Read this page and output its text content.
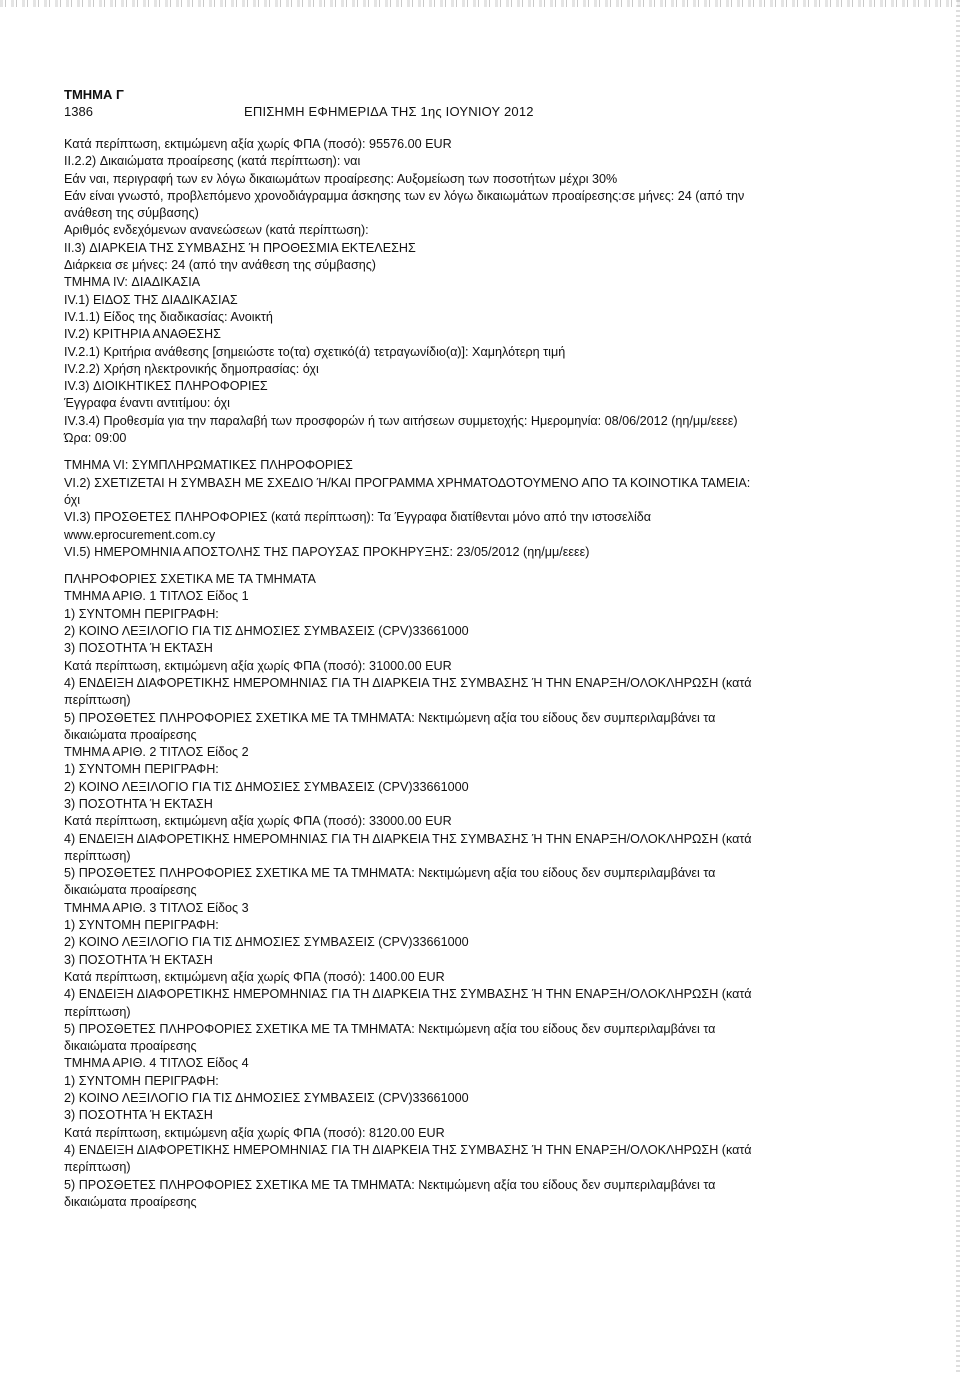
ΤΜΗΜΑ Γ

1386	ΕΠΙΣΗΜΗ ΕΦΗΜΕΡΙΔΑ ΤΗΣ 1ης ΙΟΥΝΙΟΥ 2012

Κατά περίπτωση, εκτιμώμενη αξία χωρίς ΦΠΑ (ποσό): 95576.00 EUR

II.2.2) Δικαιώματα προαίρεσης (κατά περίπτωση): ναι

Εάν ναι, περιγραφή των εν λόγω δικαιωμάτων προαίρεσης: Αυξομείωση των ποσοτήτων μέχρι 30%

Εάν είναι γνωστό, προβλεπόμενο χρονοδιάγραμμα άσκησης των εν λόγω δικαιωμάτων προαίρεσης:σε μήνες: 24 (από την

ανάθεση της σύμβασης)

Αριθμός ενδεχόμενων ανανεώσεων (κατά περίπτωση):

II.3) ΔΙΑΡΚΕΙΑ ΤΗΣ ΣΥΜΒΑΣΗΣ Ή ΠΡΟΘΕΣΜΙΑ ΕΚΤΕΛΕΣΗΣ

Διάρκεια σε μήνες: 24 (από την ανάθεση της σύμβασης)

ΤΜΗΜΑ IV: ΔΙΑΔΙΚΑΣΙΑ

IV.1) ΕΙΔΟΣ ΤΗΣ ΔΙΑΔΙΚΑΣΙΑΣ

IV.1.1) Είδος της διαδικασίας: Ανοικτή

IV.2) ΚΡΙΤΗΡΙΑ ΑΝΑΘΕΣΗΣ

IV.2.1) Κριτήρια ανάθεσης [σημειώστε το(τα) σχετικό(ά) τετραγωνίδιο(α)]: Χαμηλότερη τιμή

IV.2.2) Χρήση ηλεκτρονικής δημοπρασίας: όχι

IV.3) ΔΙΟΙΚΗΤΙΚΕΣ ΠΛΗΡΟΦΟΡΙΕΣ

Έγγραφα έναντι αντιτίμου: όχι

IV.3.4) Προθεσμία για την παραλαβή των προσφορών ή των αιτήσεων συμμετοχής: Ημερομηνία: 08/06/2012 (ηη/μμ/εεεε)

Ώρα: 09:00

ΤΜΗΜΑ VI: ΣΥΜΠΛΗΡΩΜΑΤΙΚΕΣ ΠΛΗΡΟΦΟΡΙΕΣ

VI.2) ΣΧΕΤΙΖΕΤΑΙ Η ΣΥΜΒΑΣΗ ΜΕ ΣΧΕΔΙΟ Ή/ΚΑΙ ΠΡΟΓΡΑΜΜΑ ΧΡΗΜΑΤΟΔΟΤΟΥΜΕΝΟ ΑΠΟ ΤΑ ΚΟΙΝΟΤΙΚΑ ΤΑΜΕΙΑ:

όχι

VI.3) ΠΡΟΣΘΕΤΕΣ ΠΛΗΡΟΦΟΡΙΕΣ (κατά περίπτωση): Τα Έγγραφα διατίθενται μόνο από την ιστοσελίδα

www.eprocurement.com.cy

VI.5) ΗΜΕΡΟΜΗΝΙΑ ΑΠΟΣΤΟΛΗΣ ΤΗΣ ΠΑΡΟΥΣΑΣ ΠΡΟΚΗΡΥΞΗΣ: 23/05/2012 (ηη/μμ/εεεε)

ΠΛΗΡΟΦΟΡΙΕΣ ΣΧΕΤΙΚΑ ΜΕ ΤΑ ΤΜΗΜΑΤΑ

ΤΜΗΜΑ ΑΡΙΘ. 1 ΤΙΤΛΟΣ Είδος 1

1) ΣΥΝΤΟΜΗ ΠΕΡΙΓΡΑΦΗ:

2) ΚΟΙΝΟ ΛΕΞΙΛΟΓΙΟ ΓΙΑ ΤΙΣ ΔΗΜΟΣΙΕΣ ΣΥΜΒΑΣΕΙΣ (CPV)33661000

3) ΠΟΣΟΤΗΤΑ Ή ΕΚΤΑΣΗ

Κατά περίπτωση, εκτιμώμενη αξία χωρίς ΦΠΑ (ποσό): 31000.00 EUR

4) ΕΝΔΕΙΞΗ ΔΙΑΦΟΡΕΤΙΚΗΣ ΗΜΕΡΟΜΗΝΙΑΣ ΓΙΑ ΤΗ ΔΙΑΡΚΕΙΑ ΤΗΣ ΣΥΜΒΑΣΗΣ Ή ΤΗΝ ΕΝΑΡΞΗ/ΟΛΟΚΛΗΡΩΣΗ (κατά

περίπτωση)

5) ΠΡΟΣΘΕΤΕΣ ΠΛΗΡΟΦΟΡΙΕΣ ΣΧΕΤΙΚΑ ΜΕ ΤΑ ΤΜΗΜΑΤΑ: Νεκτιμώμενη αξία του είδους δεν συμπεριλαμβάνει τα

δικαιώματα προαίρεσης

ΤΜΗΜΑ ΑΡΙΘ. 2 ΤΙΤΛΟΣ Είδος 2

1) ΣΥΝΤΟΜΗ ΠΕΡΙΓΡΑΦΗ:

2) ΚΟΙΝΟ ΛΕΞΙΛΟΓΙΟ ΓΙΑ ΤΙΣ ΔΗΜΟΣΙΕΣ ΣΥΜΒΑΣΕΙΣ (CPV)33661000

3) ΠΟΣΟΤΗΤΑ Ή ΕΚΤΑΣΗ

Κατά περίπτωση, εκτιμώμενη αξία χωρίς ΦΠΑ (ποσό): 33000.00 EUR

4) ΕΝΔΕΙΞΗ ΔΙΑΦΟΡΕΤΙΚΗΣ ΗΜΕΡΟΜΗΝΙΑΣ ΓΙΑ ΤΗ ΔΙΑΡΚΕΙΑ ΤΗΣ ΣΥΜΒΑΣΗΣ Ή ΤΗΝ ΕΝΑΡΞΗ/ΟΛΟΚΛΗΡΩΣΗ (κατά

περίπτωση)

5) ΠΡΟΣΘΕΤΕΣ ΠΛΗΡΟΦΟΡΙΕΣ ΣΧΕΤΙΚΑ ΜΕ ΤΑ ΤΜΗΜΑΤΑ: Νεκτιμώμενη αξία του είδους δεν συμπεριλαμβάνει τα

δικαιώματα προαίρεσης

ΤΜΗΜΑ ΑΡΙΘ. 3 ΤΙΤΛΟΣ Είδος 3

1) ΣΥΝΤΟΜΗ ΠΕΡΙΓΡΑΦΗ:

2) ΚΟΙΝΟ ΛΕΞΙΛΟΓΙΟ ΓΙΑ ΤΙΣ ΔΗΜΟΣΙΕΣ ΣΥΜΒΑΣΕΙΣ (CPV)33661000

3) ΠΟΣΟΤΗΤΑ Ή ΕΚΤΑΣΗ

Κατά περίπτωση, εκτιμώμενη αξία χωρίς ΦΠΑ (ποσό): 1400.00 EUR

4) ΕΝΔΕΙΞΗ ΔΙΑΦΟΡΕΤΙΚΗΣ ΗΜΕΡΟΜΗΝΙΑΣ ΓΙΑ ΤΗ ΔΙΑΡΚΕΙΑ ΤΗΣ ΣΥΜΒΑΣΗΣ Ή ΤΗΝ ΕΝΑΡΞΗ/ΟΛΟΚΛΗΡΩΣΗ (κατά

περίπτωση)

5) ΠΡΟΣΘΕΤΕΣ ΠΛΗΡΟΦΟΡΙΕΣ ΣΧΕΤΙΚΑ ΜΕ ΤΑ ΤΜΗΜΑΤΑ: Νεκτιμώμενη αξία του είδους δεν συμπεριλαμβάνει τα

δικαιώματα προαίρεσης

ΤΜΗΜΑ ΑΡΙΘ. 4 ΤΙΤΛΟΣ Είδος 4

1) ΣΥΝΤΟΜΗ ΠΕΡΙΓΡΑΦΗ:

2) ΚΟΙΝΟ ΛΕΞΙΛΟΓΙΟ ΓΙΑ ΤΙΣ ΔΗΜΟΣΙΕΣ ΣΥΜΒΑΣΕΙΣ (CPV)33661000

3) ΠΟΣΟΤΗΤΑ Ή ΕΚΤΑΣΗ

Κατά περίπτωση, εκτιμώμενη αξία χωρίς ΦΠΑ (ποσό): 8120.00 EUR

4) ΕΝΔΕΙΞΗ ΔΙΑΦΟΡΕΤΙΚΗΣ ΗΜΕΡΟΜΗΝΙΑΣ ΓΙΑ ΤΗ ΔΙΑΡΚΕΙΑ ΤΗΣ ΣΥΜΒΑΣΗΣ Ή ΤΗΝ ΕΝΑΡΞΗ/ΟΛΟΚΛΗΡΩΣΗ (κατά

περίπτωση)

5) ΠΡΟΣΘΕΤΕΣ ΠΛΗΡΟΦΟΡΙΕΣ ΣΧΕΤΙΚΑ ΜΕ ΤΑ ΤΜΗΜΑΤΑ: Νεκτιμώμενη αξία του είδους δεν συμπεριλαμβάνει τα

δικαιώματα προαίρεσης
